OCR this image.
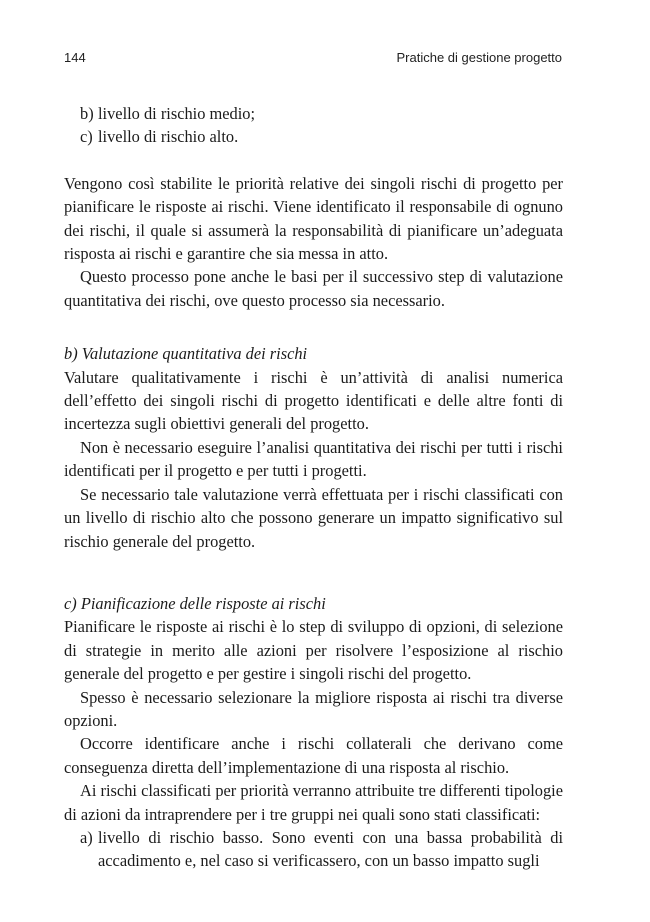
144	Pratiche di gestione progetto
b) livello di rischio medio;
c) livello di rischio alto.

Vengono così stabilite le priorità relative dei singoli rischi di progetto per pianificare le risposte ai rischi. Viene identificato il responsabile di ognuno dei rischi, il quale si assumerà la responsabilità di pianificare un’adeguata risposta ai rischi e garantire che sia messa in atto.

Questo processo pone anche le basi per il successivo step di valutazione quantitativa dei rischi, ove questo processo sia necessario.

b) Valutazione quantitativa dei rischi

Valutare qualitativamente i rischi è un’attività di analisi numerica dell’effetto dei singoli rischi di progetto identificati e delle altre fonti di incertezza sugli obiettivi generali del progetto.

Non è necessario eseguire l’analisi quantitativa dei rischi per tutti i rischi identificati per il progetto e per tutti i progetti.

Se necessario tale valutazione verrà effettuata per i rischi classificati con un livello di rischio alto che possono generare un impatto significativo sul rischio generale del progetto.

c) Pianificazione delle risposte ai rischi

Pianificare le risposte ai rischi è lo step di sviluppo di opzioni, di selezione di strategie in merito alle azioni per risolvere l’esposizione al rischio generale del progetto e per gestire i singoli rischi del progetto.

Spesso è necessario selezionare la migliore risposta ai rischi tra diverse opzioni.

Occorre identificare anche i rischi collaterali che derivano come conseguenza diretta dell’implementazione di una risposta al rischio.

Ai rischi classificati per priorità verranno attribuite tre differenti tipologie di azioni da intraprendere per i tre gruppi nei quali sono stati classificati:

a) livello di rischio basso. Sono eventi con una bassa probabilità di accadimento e, nel caso si verificassero, con un basso impatto sugli
